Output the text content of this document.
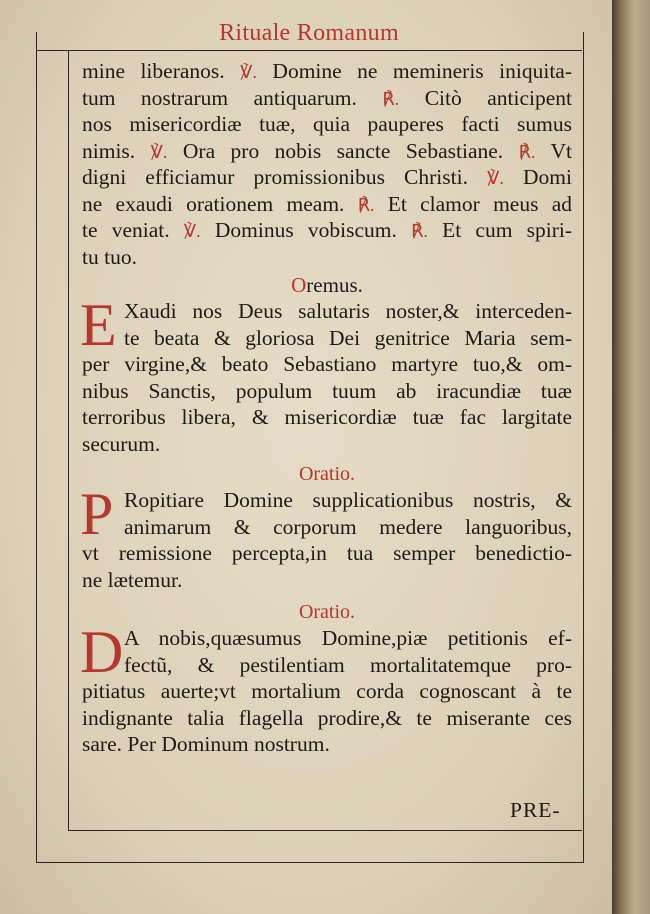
Rituale Romanum
mine liberanos. ℣. Domine ne memineris iniquita-
tum nostrarum antiquarum. ℟. Citò anticipent
nos misericordiæ tuæ, quia pauperes facti sumus
nimis. ℣. Ora pro nobis sancte Sebastiane. ℟. Vt
digni efficiamur promissionibus Christi. ℣. Domi
ne exaudi orationem meam. ℟. Et clamor meus ad
te veniat. ℣. Dominus vobiscum. ℟. Et cum spiri-
tu tuo.
Oremus.
E Xaudi nos Deus salutaris noster,& interceden-
te beata & gloriosa Dei genitrice Maria sem-
per virgine,& beato Sebastiano martyre tuo,& om-
nibus Sanctis, populum tuum ab iracundiæ tuæ
terroribus libera, & misericordiæ tuæ fac largitate
securum.
Oratio.
P Ropitiare Domine supplicationibus nostris, &
animarum & corporum medere languoribus,
vt remissione percepta,in tua semper benedictio-
ne lætemur.
Oratio.
D A nobis,quæsumus Domine,piæ petitionis ef-
fectũ, & pestilentiam mortalitatemque pro-
pitiatus auerte;vt mortalium corda cognoscant à te
indignante talia flagella prodire,& te miserante ces
sare. Per Dominum nostrum.
PRE-
